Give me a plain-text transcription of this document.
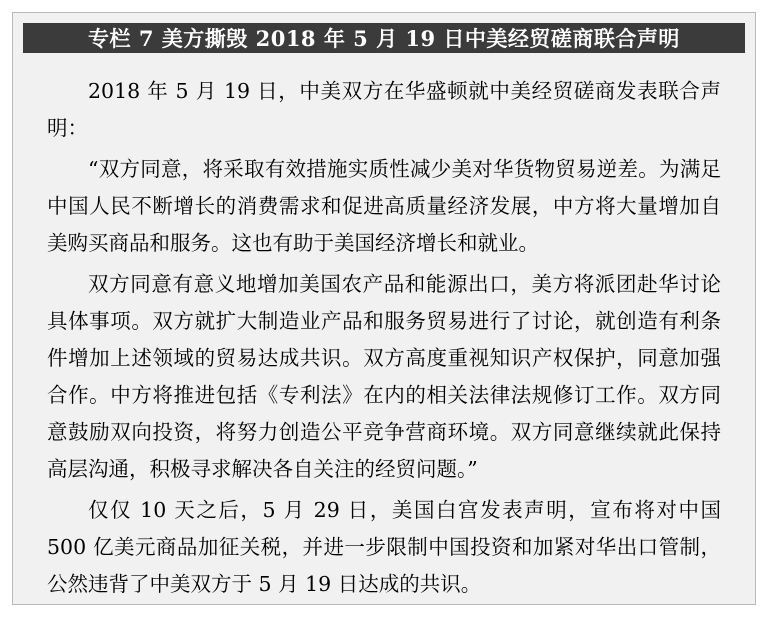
专栏 7 美方撕毁 2018 年 5 月 19 日中美经贸磋商联合声明

2018 年 5 月 19 日，中美双方在华盛顿就中美经贸磋商发表联合声明：

“双方同意，将采取有效措施实质性减少美对华货物贸易逆差。为满足中国人民不断增长的消费需求和促进高质量经济发展，中方将大量增加自美购买商品和服务。这也有助于美国经济增长和就业。

双方同意有意义地增加美国农产品和能源出口，美方将派团赴华讨论具体事项。双方就扩大制造业产品和服务贸易进行了讨论，就创造有利条件增加上述领域的贸易达成共识。双方高度重视知识产权保护，同意加强合作。中方将推进包括《专利法》在内的相关法律法规修订工作。双方同意鼓励双向投资，将努力创造公平竞争营商环境。双方同意继续就此保持高层沟通，积极寻求解决各自关注的经贸问题。”

仅仅 10 天之后，5 月 29 日，美国白宫发表声明，宣布将对中国 500 亿美元商品加征关税，并进一步限制中国投资和加紧对华出口管制，公然违背了中美双方于 5 月 19 日达成的共识。
